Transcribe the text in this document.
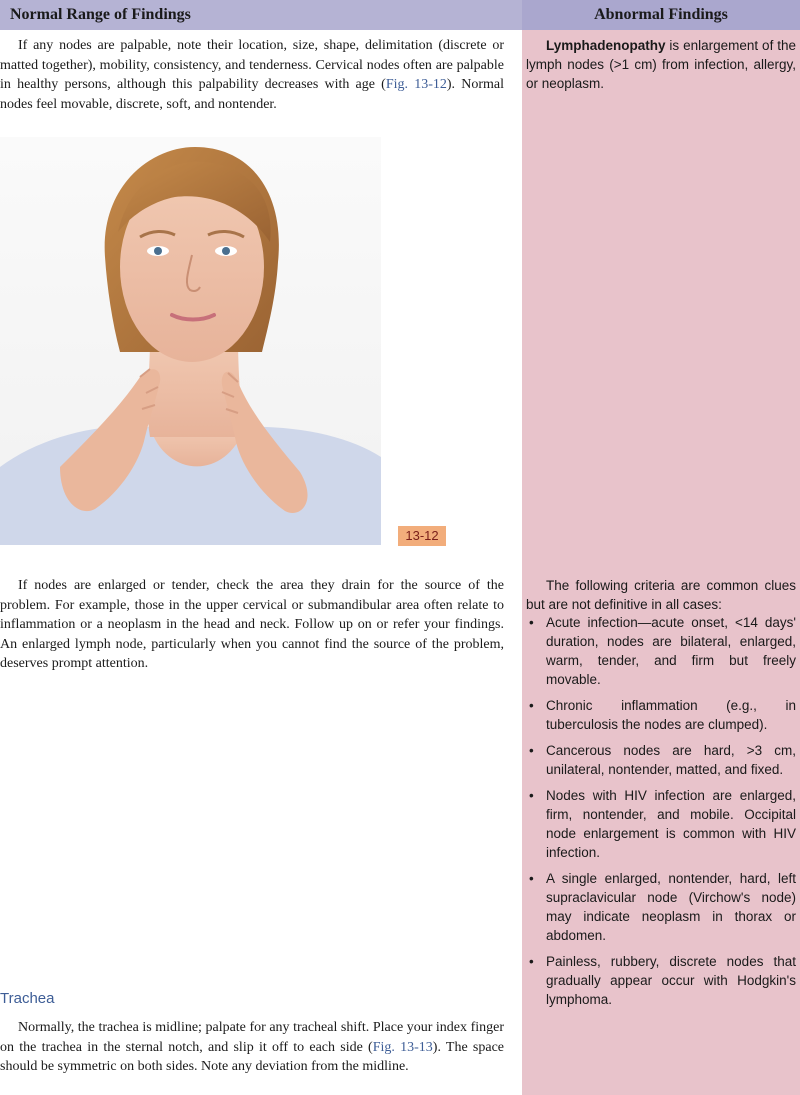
Normal Range of Findings	Abnormal Findings

If any nodes are palpable, note their location, size, shape, delimitation (discrete or matted together), mobility, consistency, and tenderness. Cervical nodes often are palpable in healthy persons, although this palpability decreases with age (Fig. 13-12). Normal nodes feel movable, discrete, soft, and nontender.

13-12

If nodes are enlarged or tender, check the area they drain for the source of the problem. For example, those in the upper cervical or submandibular area often relate to inflammation or a neoplasm in the head and neck. Follow up on or refer your findings. An enlarged lymph node, particularly when you cannot find the source of the problem, deserves prompt attention.

Trachea

Normally, the trachea is midline; palpate for any tracheal shift. Place your index finger on the trachea in the sternal notch, and slip it off to each side (Fig. 13-13). The space should be symmetric on both sides. Note any deviation from the midline.

Lymphadenopathy is enlargement of the lymph nodes (>1 cm) from infection, allergy, or neoplasm.

The following criteria are common clues but are not definitive in all cases:

• Acute infection—acute onset, <14 days' duration, nodes are bilateral, enlarged, warm, tender, and firm but freely movable.
• Chronic inflammation (e.g., in tuberculosis the nodes are clumped).
• Cancerous nodes are hard, >3 cm, unilateral, nontender, matted, and fixed.
• Nodes with HIV infection are enlarged, firm, nontender, and mobile. Occipital node enlargement is common with HIV infection.
• A single enlarged, nontender, hard, left supraclavicular node (Virchow's node) may indicate neoplasm in thorax or abdomen.
• Painless, rubbery, discrete nodes that gradually appear occur with Hodgkin's lymphoma.
